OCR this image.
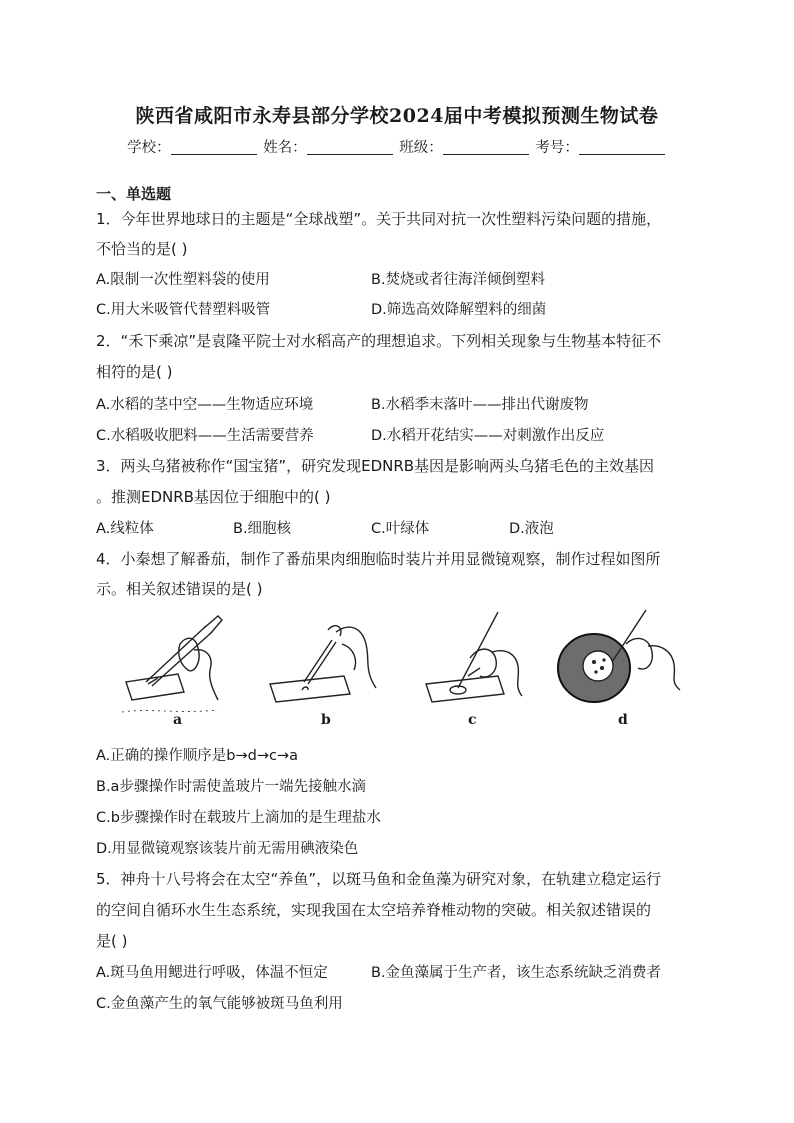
陕西省咸阳市永寿县部分学校2024届中考模拟预测生物试卷
学校：	姓名：	班级：	考号：
一、单选题
1．今年世界地球日的主题是“全球战塑”。关于共同对抗一次性塑料污染问题的措施，
不恰当的是( )
A.限制一次性塑料袋的使用	B.焚烧或者往海洋倾倒塑料
C.用大米吸管代替塑料吸管	D.筛选高效降解塑料的细菌
2．“禾下乘凉”是袁隆平院士对水稻高产的理想追求。下列相关现象与生物基本特征不
相符的是( )
A.水稻的茎中空——生物适应环境	B.水稻季末落叶——排出代谢废物
C.水稻吸收肥料——生活需要营养	D.水稻开花结实——对刺激作出反应
3．两头乌猪被称作“国宝猪”，研究发现EDNRB基因是影响两头乌猪毛色的主效基因
。推测EDNRB基因位于细胞中的( )
A.线粒体	B.细胞核	C.叶绿体	D.液泡
4．小秦想了解番茄，制作了番茄果肉细胞临时装片并用显微镜观察，制作过程如图所
示。相关叙述错误的是( )
a	b	c	d
A.正确的操作顺序是b→d→c→a
B.a步骤操作时需使盖玻片一端先接触水滴
C.b步骤操作时在载玻片上滴加的是生理盐水
D.用显微镜观察该装片前无需用碘液染色
5．神舟十八号将会在太空“养鱼”，以斑马鱼和金鱼藻为研究对象，在轨建立稳定运行
的空间自循环水生生态系统，实现我国在太空培养脊椎动物的突破。相关叙述错误的
是( )
A.斑马鱼用鳃进行呼吸，体温不恒定	B.金鱼藻属于生产者，该生态系统缺乏消费者
C.金鱼藻产生的氧气能够被斑马鱼利用
